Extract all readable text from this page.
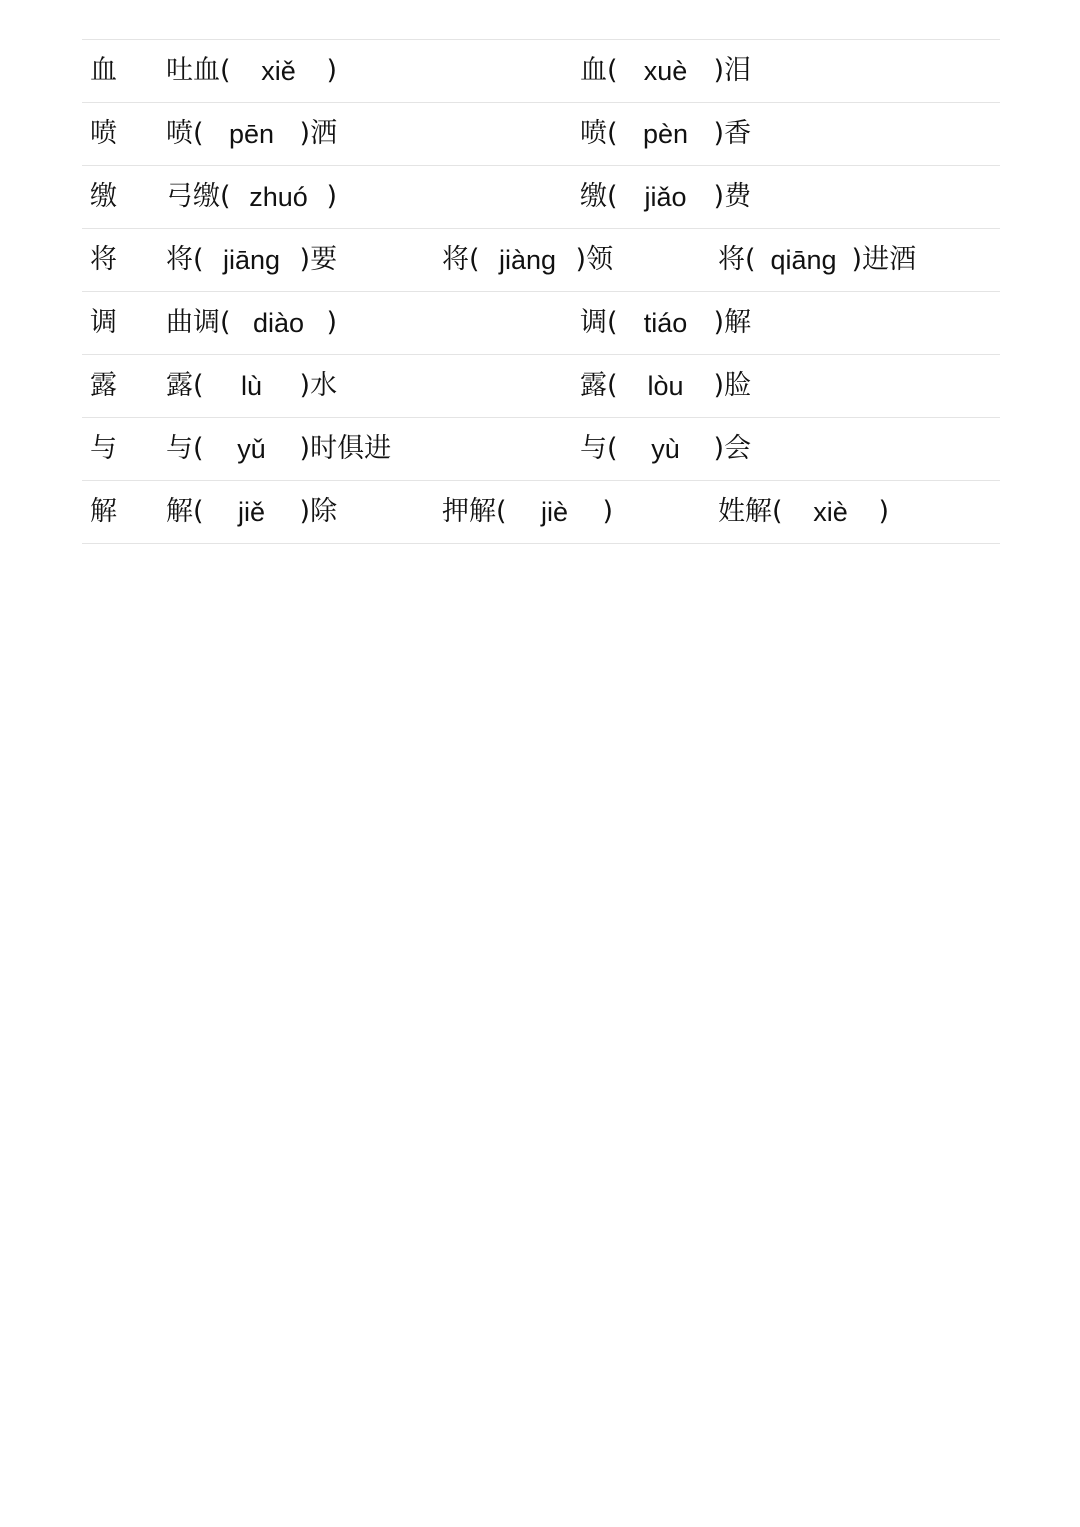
血 吐血(	xiě	)	血( xuè )泪
喷 喷( pēn )洒	喷( pèn )香
缴 弓缴( zhuó )	缴( jiǎo )费
将 将( jiāng )要	将( jiàng )领	将( qiāng )进酒
调 曲调( diào )	调( tiáo )解
露 露(	lù	)水	露(	lòu	)脸
与 与(	yǔ	)时俱进	与(	yù	)会
解 解(	jiě	)除	押解(	jiè	)	姓解(	xiè	)
